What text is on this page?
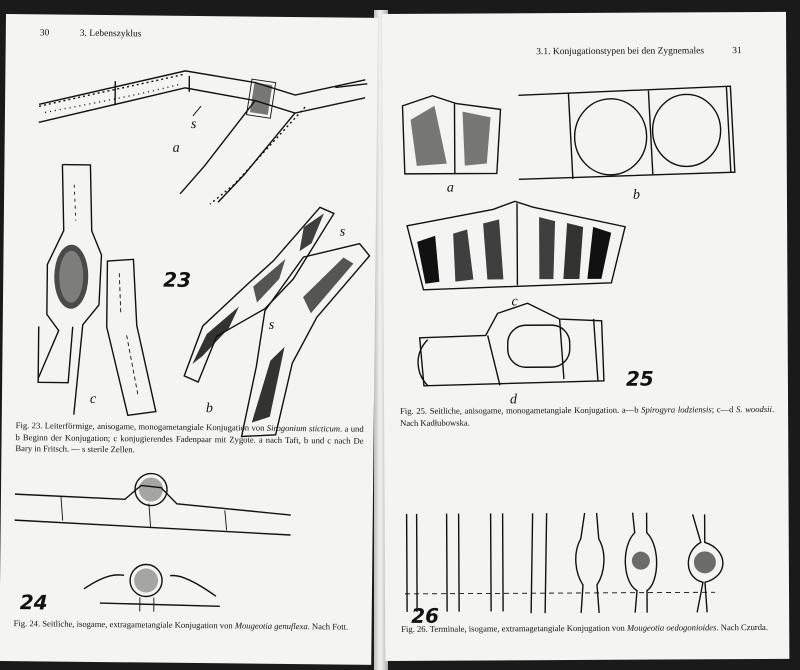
30	3. Lebenszyklus
s
a
c
23
s
s
b
Fig. 23. Leiterförmige, anisogame, monogametangiale Konjugation von Sirogonium sticticum. a und b Beginn der Konjugation; c konjugierendes Fadenpaar mit Zygote. a nach Taft, b und c nach De Bary in Fritsch. — s sterile Zellen.
24
Fig. 24. Seitliche, isogame, extragametangiale Konjugation von Mougeotia genuflexa. Nach Fott.
3.1. Konjugationstypen bei den Zygnemales	31
a	b
c
d
25
Fig. 25. Seitliche, anisogame, monogametangiale Konjugation. a—b Spirogyra lodziensis; c—d S. woodsii. Nach Kadłubowska.
26
Fig. 26. Terminale, isogame, extramagetangiale Konjugation von Mougeotia oedogonioides. Nach Czurda.
